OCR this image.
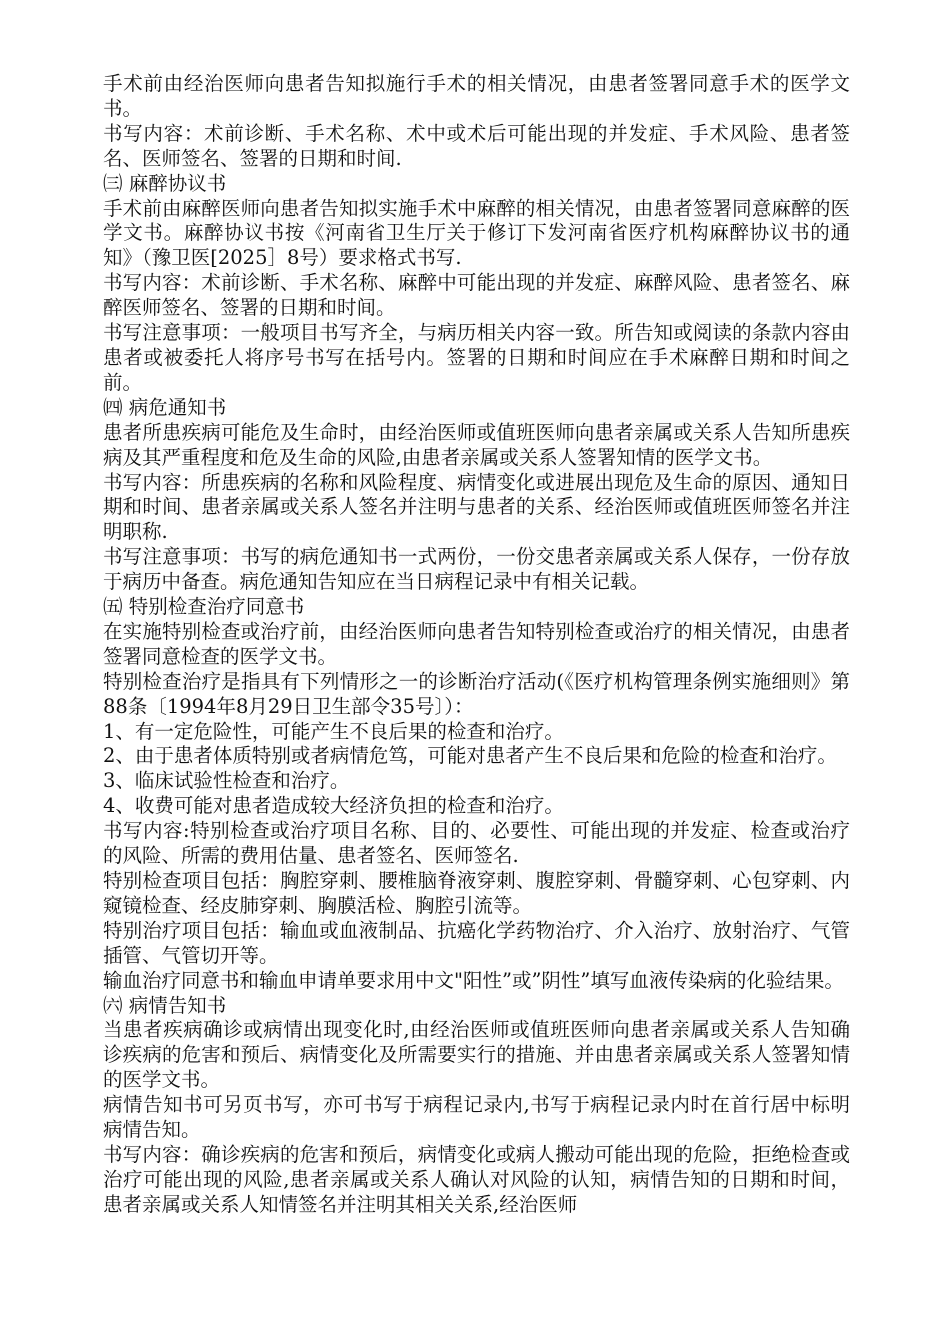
手术前由经治医师向患者告知拟施行手术的相关情况，由患者签署同意手术的医学文书。

书写内容：术前诊断、手术名称、术中或术后可能出现的并发症、手术风险、患者签名、医师签名、签署的日期和时间.

㈢ 麻醉协议书

手术前由麻醉医师向患者告知拟实施手术中麻醉的相关情况，由患者签署同意麻醉的医学文书。麻醉协议书按《河南省卫生厅关于修订下发河南省医疗机构麻醉协议书的通知》（豫卫医[2025］8号）要求格式书写.

书写内容：术前诊断、手术名称、麻醉中可能出现的并发症、麻醉风险、患者签名、麻醉医师签名、签署的日期和时间。

书写注意事项：一般项目书写齐全，与病历相关内容一致。所告知或阅读的条款内容由患者或被委托人将序号书写在括号内。签署的日期和时间应在手术麻醉日期和时间之前。

㈣ 病危通知书

患者所患疾病可能危及生命时，由经治医师或值班医师向患者亲属或关系人告知所患疾病及其严重程度和危及生命的风险,由患者亲属或关系人签署知情的医学文书。

书写内容：所患疾病的名称和风险程度、病情变化或进展出现危及生命的原因、通知日期和时间、患者亲属或关系人签名并注明与患者的关系、经治医师或值班医师签名并注明职称.

书写注意事项：书写的病危通知书一式两份，一份交患者亲属或关系人保存，一份存放于病历中备查。病危通知告知应在当日病程记录中有相关记载。

㈤ 特别检查治疗同意书

在实施特别检查或治疗前，由经治医师向患者告知特别检查或治疗的相关情况，由患者签署同意检查的医学文书。

特别检查治疗是指具有下列情形之一的诊断治疗活动(《医疗机构管理条例实施细则》第88条〔1994年8月29日卫生部令35号〕）：

1、有一定危险性，可能产生不良后果的检查和治疗。

2、由于患者体质特别或者病情危笃，可能对患者产生不良后果和危险的检查和治疗。

3、临床试验性检查和治疗。

4、收费可能对患者造成较大经济负担的检查和治疗。

书写内容:特别检查或治疗项目名称、目的、必要性、可能出现的并发症、检查或治疗的风险、所需的费用估量、患者签名、医师签名.

特别检查项目包括：胸腔穿刺、腰椎脑脊液穿刺、腹腔穿刺、骨髓穿刺、心包穿刺、内窥镜检查、经皮肺穿刺、胸膜活检、胸腔引流等。

特别治疗项目包括：输血或血液制品、抗癌化学药物治疗、介入治疗、放射治疗、气管插管、气管切开等。

输血治疗同意书和输血申请单要求用中文"阳性”或”阴性”填写血液传染病的化验结果。

㈥ 病情告知书

当患者疾病确诊或病情出现变化时,由经治医师或值班医师向患者亲属或关系人告知确诊疾病的危害和预后、病情变化及所需要实行的措施、并由患者亲属或关系人签署知情的医学文书。

病情告知书可另页书写，亦可书写于病程记录内,书写于病程记录内时在首行居中标明病情告知。

书写内容：确诊疾病的危害和预后，病情变化或病人搬动可能出现的危险，拒绝检查或治疗可能出现的风险,患者亲属或关系人确认对风险的认知，病情告知的日期和时间，患者亲属或关系人知情签名并注明其相关关系,经治医师
